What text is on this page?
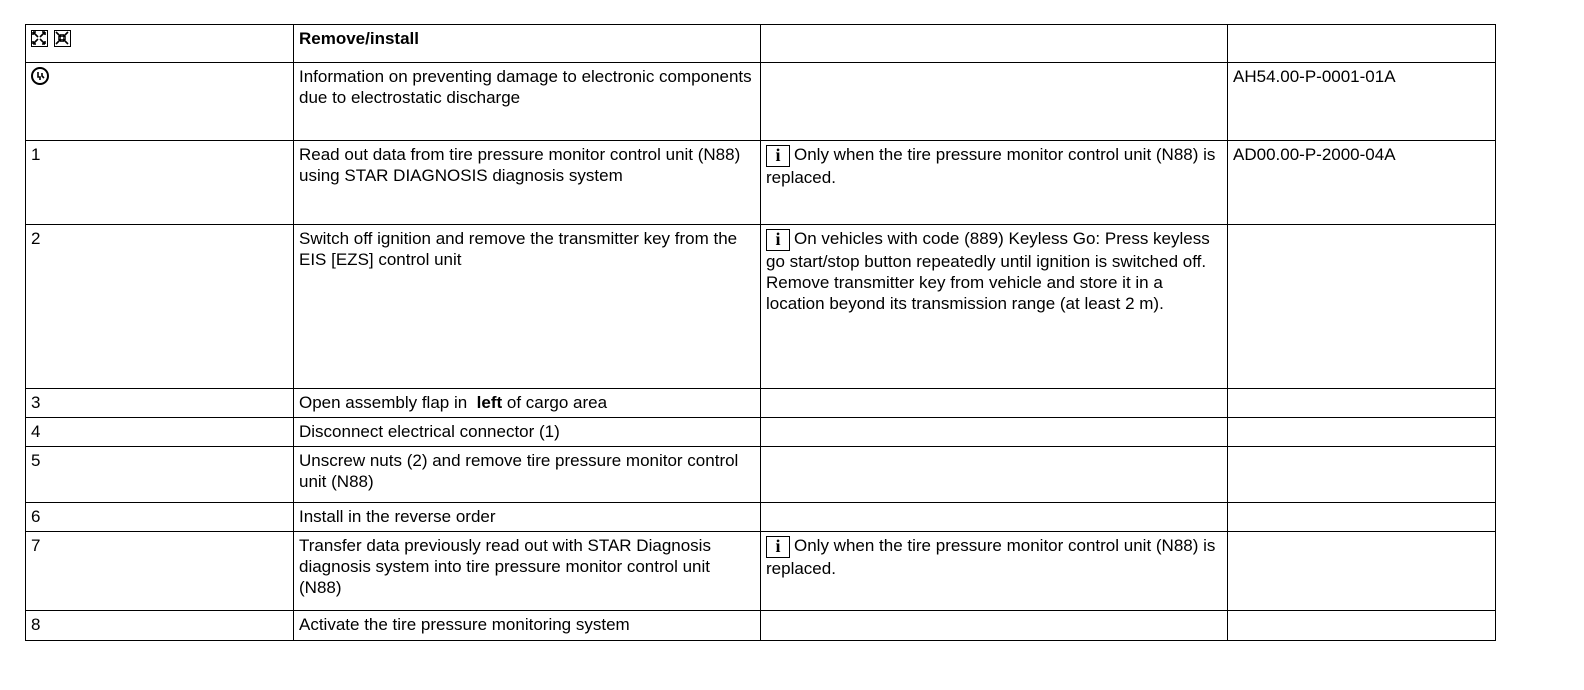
	Remove/install		

	Information on preventing damage to electronic components due to electrostatic discharge		AH54.00-P-0001-01A
1	Read out data from tire pressure monitor control unit (N88) using STAR DIAGNOSIS diagnosis system	i Only when the tire pressure monitor control unit (N88) is replaced.	AD00.00-P-2000-04A
2	Switch off ignition and remove the transmitter key from the EIS [EZS] control unit	i On vehicles with code (889) Keyless Go: Press keyless go start/stop button repeatedly until ignition is switched off. Remove transmitter key from vehicle and store it in a location beyond its transmission range (at least 2 m).	
3	Open assembly flap in left of cargo area		
4	Disconnect electrical connector (1)		
5	Unscrew nuts (2) and remove tire pressure monitor control unit (N88)		
6	Install in the reverse order		
7	Transfer data previously read out with STAR Diagnosis diagnosis system into tire pressure monitor control unit (N88)	i Only when the tire pressure monitor control unit (N88) is replaced.	
8	Activate the tire pressure monitoring system		
